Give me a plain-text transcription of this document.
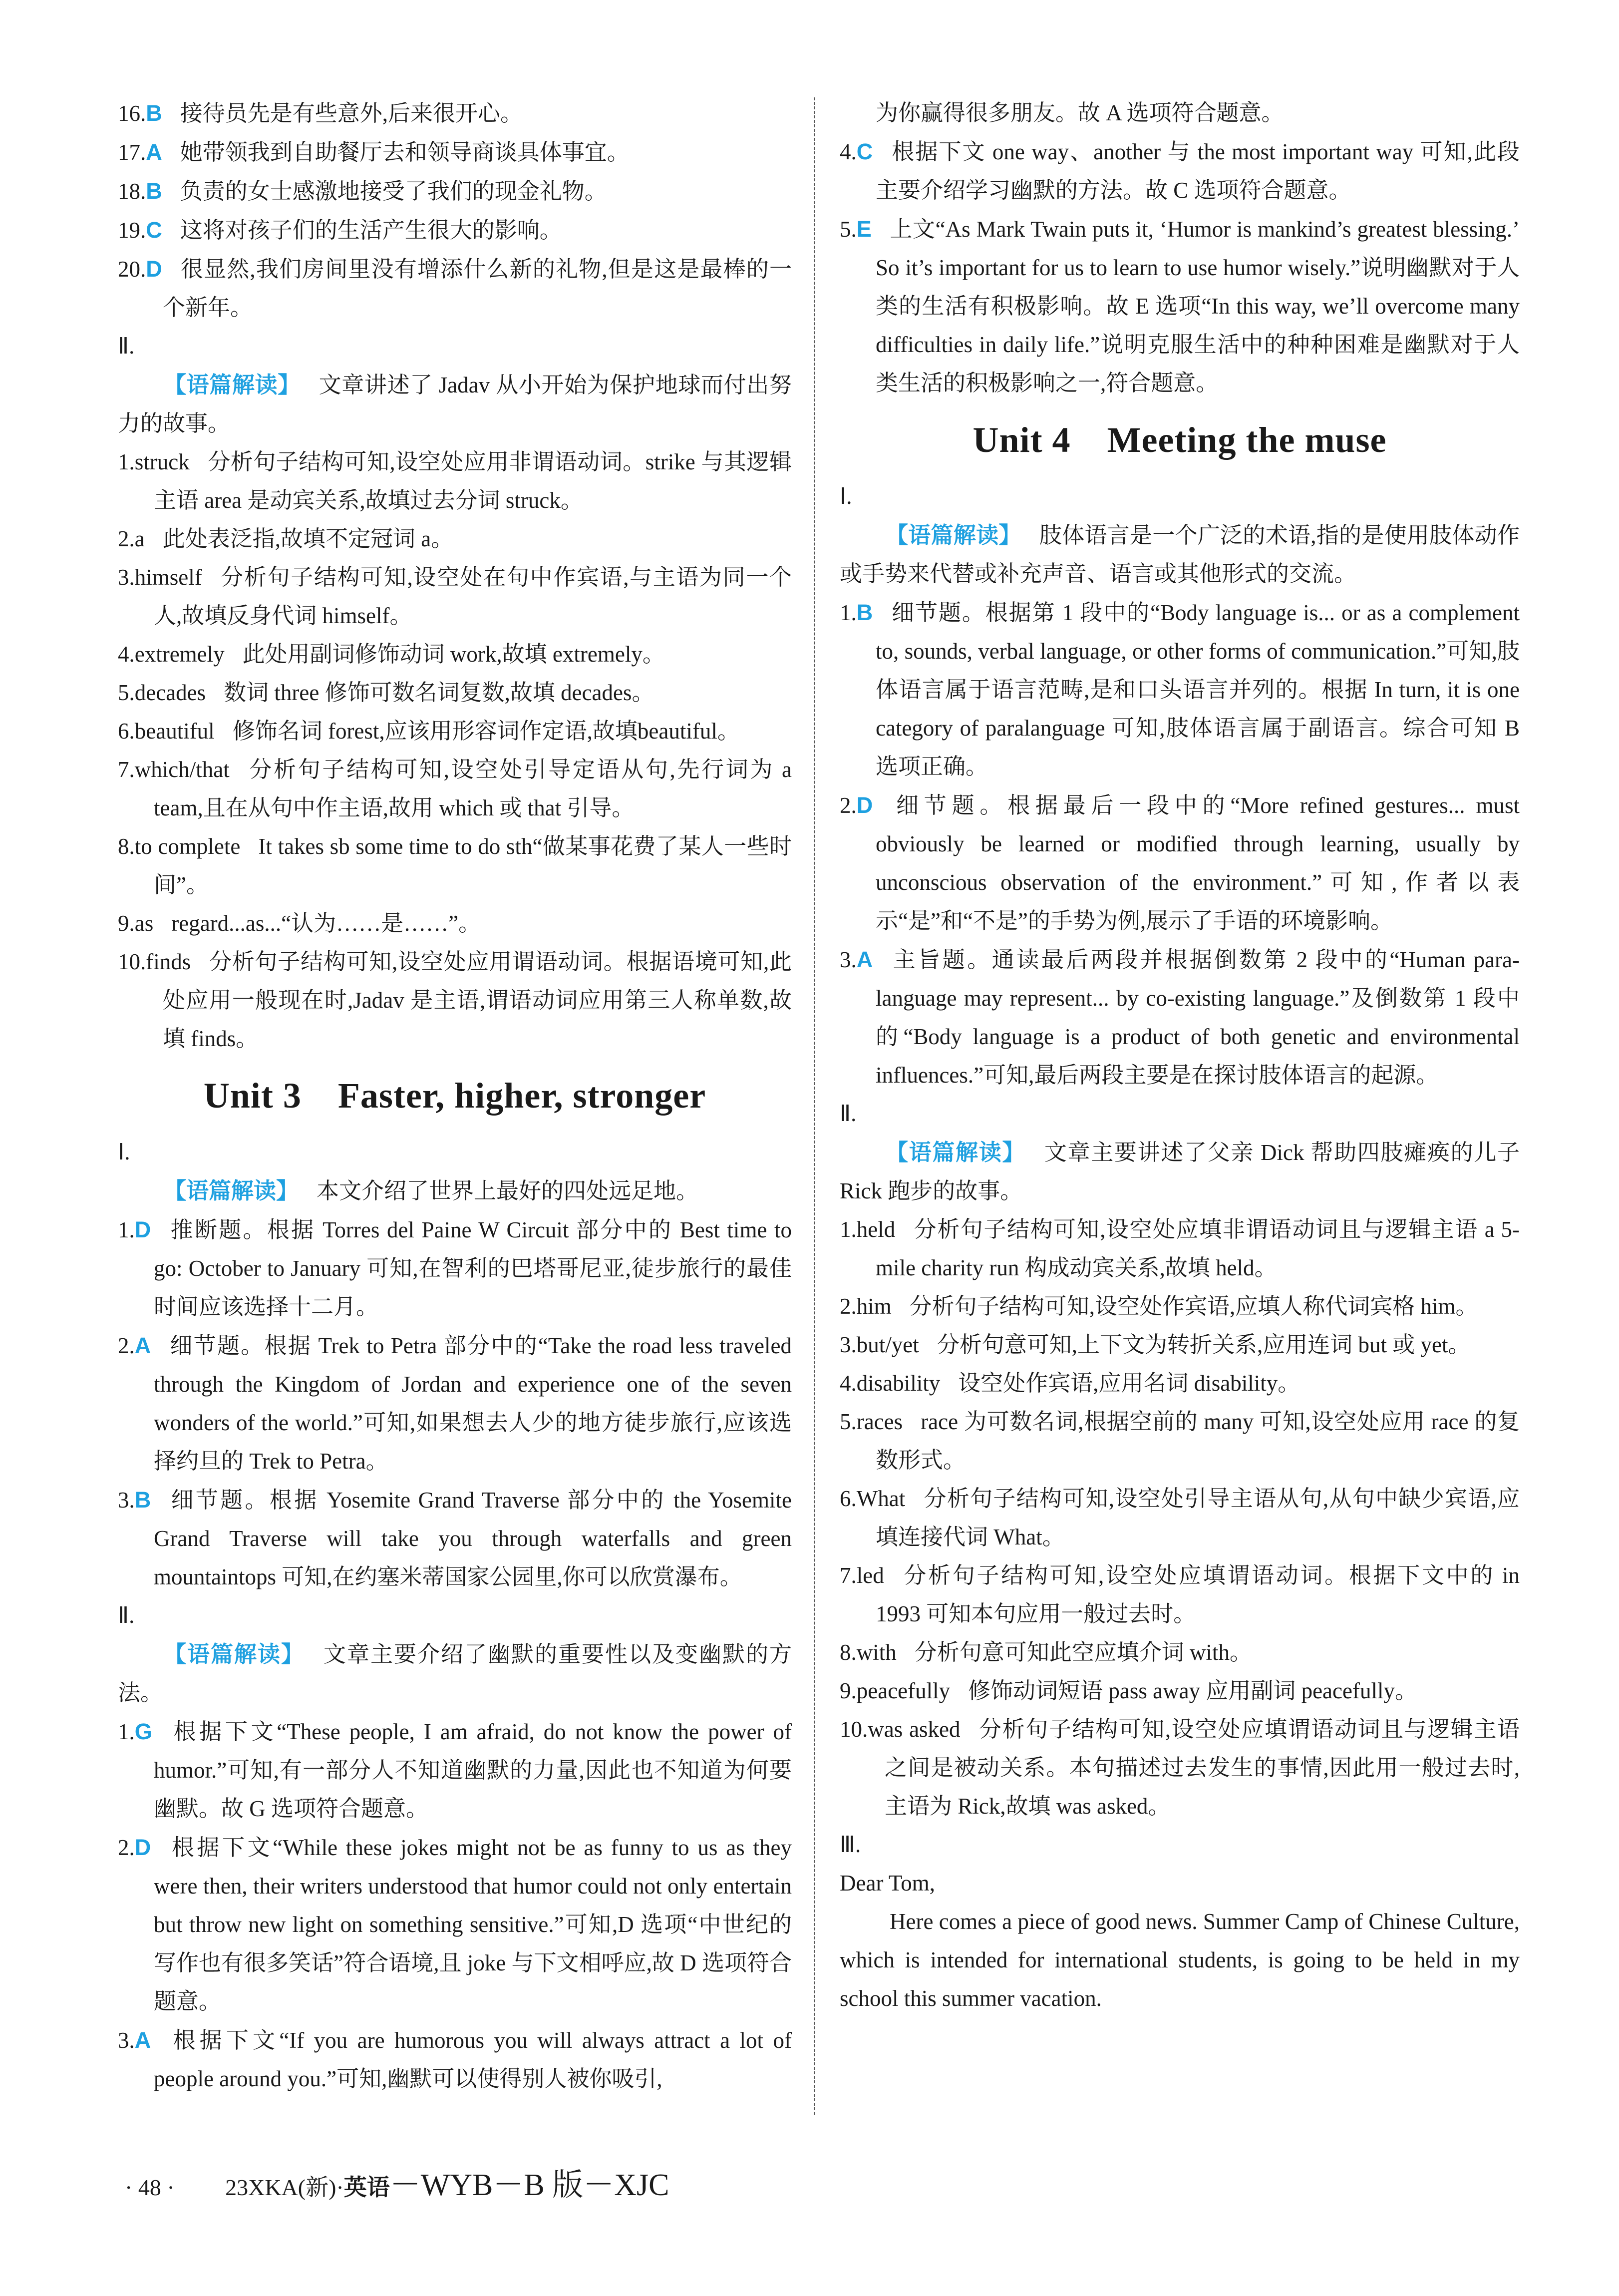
16.B 接待员先是有些意外,后来很开心。
17.A 她带领我到自助餐厅去和领导商谈具体事宜。
18.B 负责的女士感激地接受了我们的现金礼物。
19.C 这将对孩子们的生活产生很大的影响。
20.D 很显然,我们房间里没有增添什么新的礼物,但是这是最棒的一个新年。
Ⅱ.
【语篇解读】 文章讲述了 Jadav 从小开始为保护地球而付出努力的故事。
1.struck 分析句子结构可知,设空处应用非谓语动词。strike 与其逻辑主语 area 是动宾关系,故填过去分词 struck。
2.a 此处表泛指,故填不定冠词 a。
3.himself 分析句子结构可知,设空处在句中作宾语,与主语为同一个人,故填反身代词 himself。
4.extremely 此处用副词修饰动词 work,故填 extremely。
5.decades 数词 three 修饰可数名词复数,故填 decades。
6.beautiful 修饰名词 forest,应该用形容词作定语,故填beautiful。
7.which/that 分析句子结构可知,设空处引导定语从句,先行词为 a team,且在从句中作主语,故用 which 或 that 引导。
8.to complete It takes sb some time to do sth“做某事花费了某人一些时间”。
9.as regard...as...“认为……是……”。
10.finds 分析句子结构可知,设空处应用谓语动词。根据语境可知,此处应用一般现在时,Jadav 是主语,谓语动词应用第三人称单数,故填 finds。
Unit 3　Faster, higher, stronger
Ⅰ.
【语篇解读】 本文介绍了世界上最好的四处远足地。
1.D 推断题。根据 Torres del Paine W Circuit 部分中的 Best time to go: October to January 可知,在智利的巴塔哥尼亚,徒步旅行的最佳时间应该选择十二月。
2.A 细节题。根据 Trek to Petra 部分中的“Take the road less traveled through the Kingdom of Jordan and experience one of the seven wonders of the world.”可知,如果想去人少的地方徒步旅行,应该选择约旦的 Trek to Petra。
3.B 细节题。根据 Yosemite Grand Traverse 部分中的 the Yosemite Grand Traverse will take you through waterfalls and green mountaintops 可知,在约塞米蒂国家公园里,你可以欣赏瀑布。
Ⅱ.
【语篇解读】 文章主要介绍了幽默的重要性以及变幽默的方法。
1.G 根据下文“These people, I am afraid, do not know the power of humor.”可知,有一部分人不知道幽默的力量,因此也不知道为何要幽默。故 G 选项符合题意。
2.D 根据下文“While these jokes might not be as funny to us as they were then, their writers understood that humor could not only entertain but throw new light on something sensitive.”可知,D 选项“中世纪的写作也有很多笑话”符合语境,且 joke 与下文相呼应,故 D 选项符合题意。
3.A 根据下文“If you are humorous you will always attract a lot of people around you.”可知,幽默可以使得别人被你吸引,
为你赢得很多朋友。故 A 选项符合题意。
4.C 根据下文 one way、another 与 the most important way 可知,此段主要介绍学习幽默的方法。故 C 选项符合题意。
5.E 上文“As Mark Twain puts it, ‘Humor is mankind’s greatest blessing.’ So it’s important for us to learn to use humor wisely.”说明幽默对于人类的生活有积极影响。故 E 选项“In this way, we’ll overcome many difficulties in daily life.”说明克服生活中的种种困难是幽默对于人类生活的积极影响之一,符合题意。
Unit 4　Meeting the muse
Ⅰ.
【语篇解读】 肢体语言是一个广泛的术语,指的是使用肢体动作或手势来代替或补充声音、语言或其他形式的交流。
1.B 细节题。根据第 1 段中的“Body language is... or as a complement to, sounds, verbal language, or other forms of communication.”可知,肢体语言属于语言范畴,是和口头语言并列的。根据 In turn, it is one category of paralanguage 可知,肢体语言属于副语言。综合可知 B 选项正确。
2.D 细节题。根据最后一段中的“More refined gestures... must obviously be learned or modified through learning, usually by unconscious observation of the environment.”可知,作者以表示“是”和“不是”的手势为例,展示了手语的环境影响。
3.A 主旨题。通读最后两段并根据倒数第 2 段中的“Human para-language may represent... by co-existing language.”及倒数第 1 段中的“Body language is a product of both genetic and environmental influences.”可知,最后两段主要是在探讨肢体语言的起源。
Ⅱ.
【语篇解读】 文章主要讲述了父亲 Dick 帮助四肢瘫痪的儿子 Rick 跑步的故事。
1.held 分析句子结构可知,设空处应填非谓语动词且与逻辑主语 a 5-mile charity run 构成动宾关系,故填 held。
2.him 分析句子结构可知,设空处作宾语,应填人称代词宾格 him。
3.but/yet 分析句意可知,上下文为转折关系,应用连词 but 或 yet。
4.disability 设空处作宾语,应用名词 disability。
5.races race 为可数名词,根据空前的 many 可知,设空处应用 race 的复数形式。
6.What 分析句子结构可知,设空处引导主语从句,从句中缺少宾语,应填连接代词 What。
7.led 分析句子结构可知,设空处应填谓语动词。根据下文中的 in 1993 可知本句应用一般过去时。
8.with 分析句意可知此空应填介词 with。
9.peacefully 修饰动词短语 pass away 应用副词 peacefully。
10.was asked 分析句子结构可知,设空处应填谓语动词且与逻辑主语之间是被动关系。本句描述过去发生的事情,因此用一般过去时,主语为 Rick,故填 was asked。
Ⅲ.
Dear Tom,
Here comes a piece of good news. Summer Camp of Chinese Culture, which is intended for international students, is going to be held in my school this summer vacation.
· 48 · 23XKA(新)·英语－WYB－B 版－XJC
